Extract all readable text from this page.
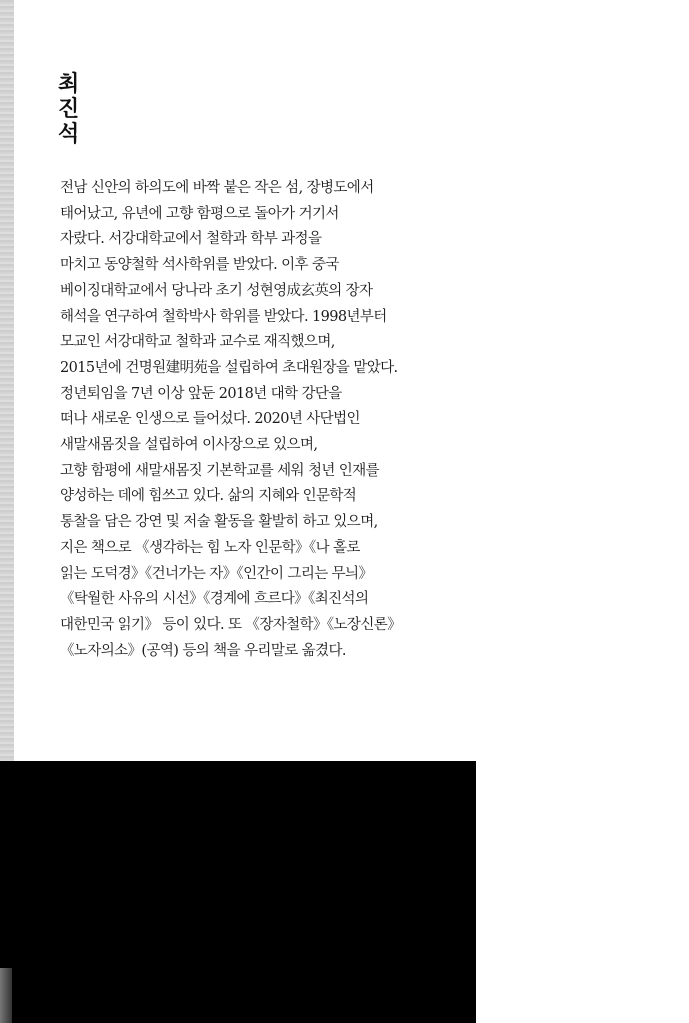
최
진
석
전남 신안의 하의도에 바짝 붙은 작은 섬, 장병도에서
태어났고, 유년에 고향 함평으로 돌아가 거기서
자랐다. 서강대학교에서 철학과 학부 과정을
마치고 동양철학 석사학위를 받았다. 이후 중국
베이징대학교에서 당나라 초기 성현영成玄英의 장자
해석을 연구하여 철학박사 학위를 받았다. 1998년부터
모교인 서강대학교 철학과 교수로 재직했으며,
2015년에 건명원建明苑을 설립하여 초대원장을 맡았다.
정년퇴임을 7년 이상 앞둔 2018년 대학 강단을
떠나 새로운 인생으로 들어섰다. 2020년 사단법인
새말새몸짓을 설립하여 이사장으로 있으며,
고향 함평에 새말새몸짓 기본학교를 세워 청년 인재를
양성하는 데에 힘쓰고 있다. 삶의 지혜와 인문학적
통찰을 담은 강연 및 저술 활동을 활발히 하고 있으며,
지은 책으로 《생각하는 힘 노자 인문학》《나 홀로
읽는 도덕경》《건너가는 자》《인간이 그리는 무늬》
《탁월한 사유의 시선》《경계에 흐르다》《최진석의
대한민국 읽기》 등이 있다. 또 《장자철학》《노장신론》
《노자의소》(공역) 등의 책을 우리말로 옮겼다.
